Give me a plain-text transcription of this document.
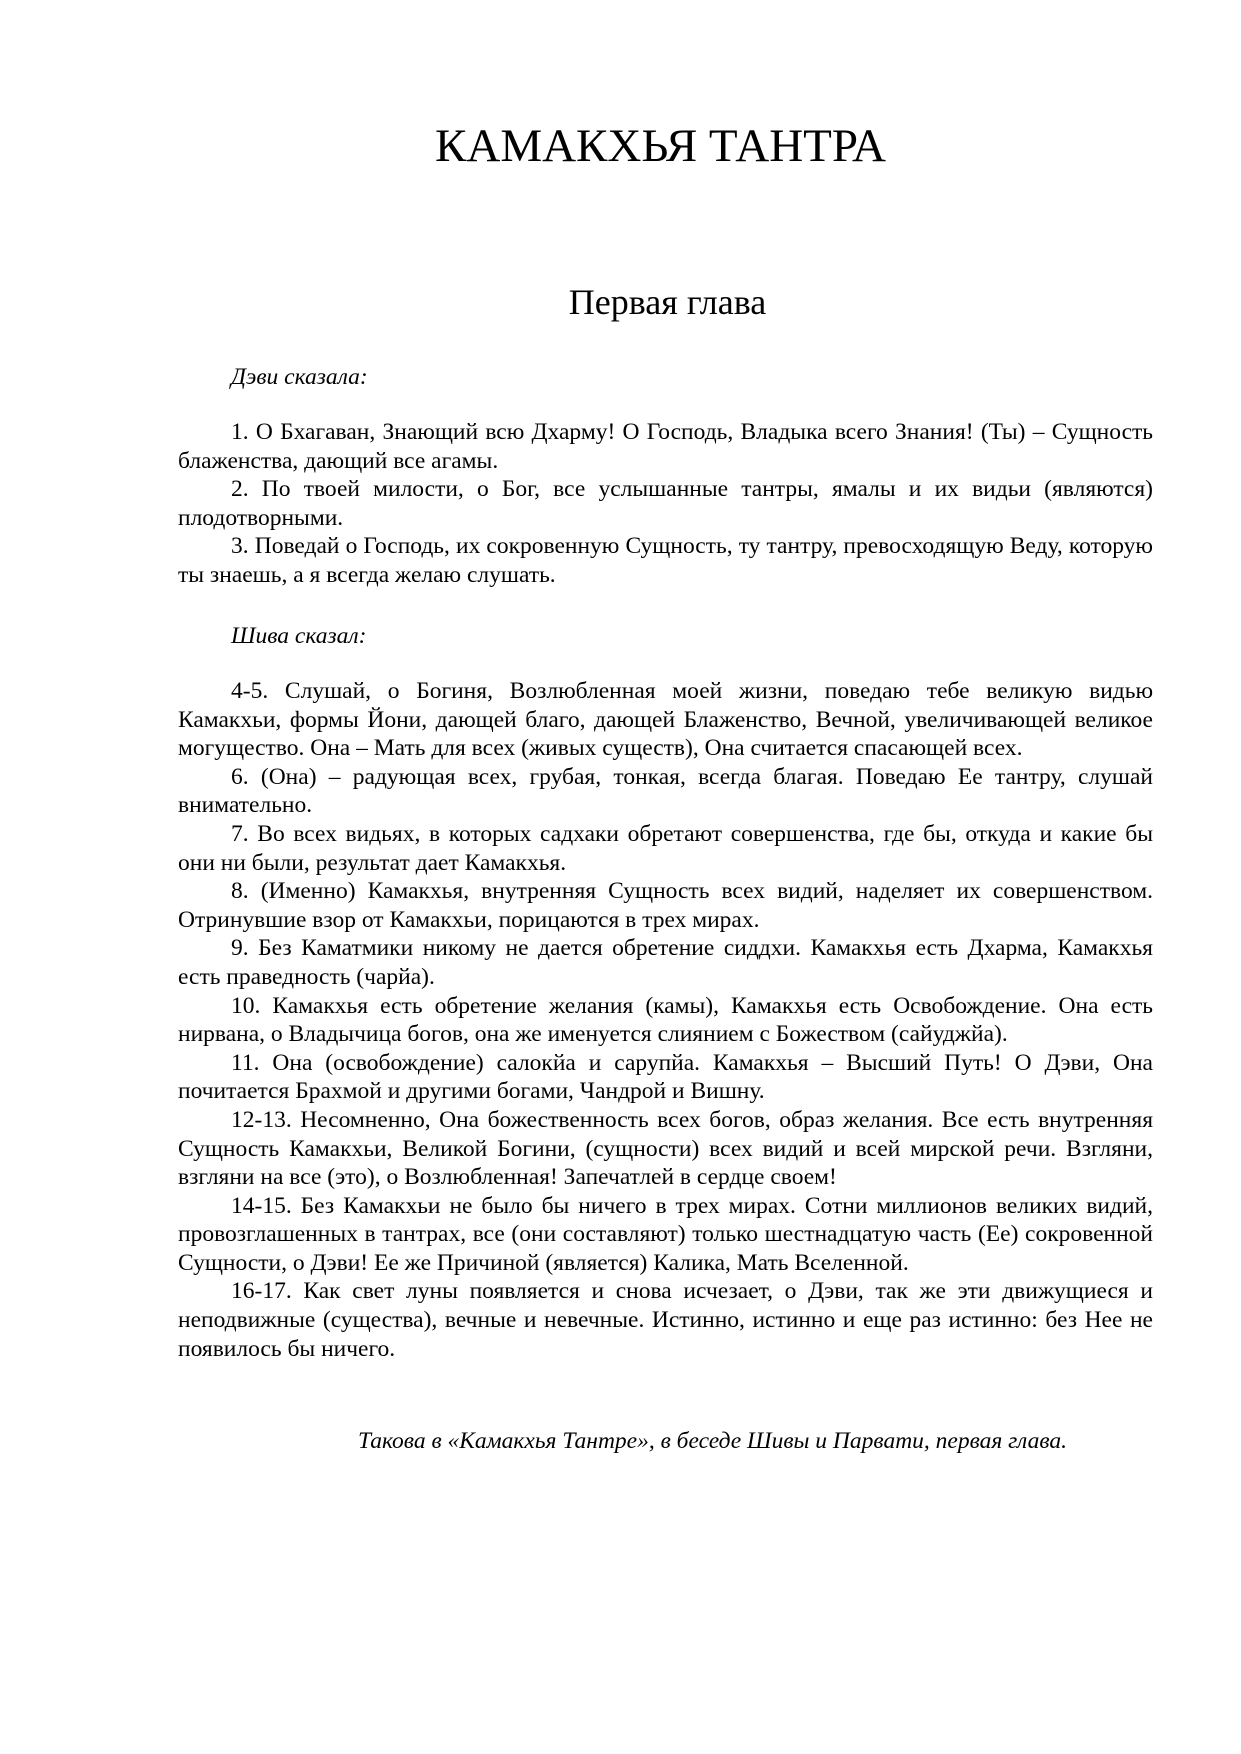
КАМАКХЬЯ ТАНТРА
Первая глава
Дэви сказала:

1. О Бхагаван, Знающий всю Дхарму! О Господь, Владыка всего Знания! (Ты) – Сущность блаженства, дающий все агамы.

2. По твоей милости, о Бог, все услышанные тантры, ямалы и их видьи (являются) плодотворными.

3. Поведай о Господь, их сокровенную Сущность, ту тантру, превосходящую Веду, которую ты знаешь, а я всегда желаю слушать.

Шива сказал:

4-5. Слушай, о Богиня, Возлюбленная моей жизни, поведаю тебе великую видью Камакхьи, формы Йони, дающей благо, дающей Блаженство, Вечной, увеличивающей великое могущество. Она – Мать для всех (живых существ), Она считается спасающей всех.

6. (Она) – радующая всех, грубая, тонкая, всегда благая. Поведаю Ее тантру, слушай внимательно.

7. Во всех видьях, в которых садхаки обретают совершенства, где бы, откуда и какие бы они ни были, результат дает Камакхья.

8. (Именно) Камакхья, внутренняя Сущность всех видий, наделяет их совершенством. Отринувшие взор от Камакхьи, порицаются в трех мирах.

9. Без Каматмики никому не дается обретение сиддхи. Камакхья есть Дхарма, Камакхья есть праведность (чарйа).

10. Камакхья есть обретение желания (камы), Камакхья есть Освобождение. Она есть нирвана, о Владычица богов, она же именуется слиянием с Божеством (сайуджйа).

11. Она (освобождение) салокйа и сарупйа. Камакхья – Высший Путь! О Дэви, Она почитается Брахмой и другими богами, Чандрой и Вишну.

12-13. Несомненно, Она божественность всех богов, образ желания. Все есть внутренняя Сущность Камакхьи, Великой Богини, (сущности) всех видий и всей мирской речи. Взгляни, взгляни на все (это), о Возлюбленная! Запечатлей в сердце своем!

14-15. Без Камакхьи не было бы ничего в трех мирах. Сотни миллионов великих видий, провозглашенных в тантрах, все (они составляют) только шестнадцатую часть (Ее) сокровенной Сущности, о Дэви! Ее же Причиной (является) Калика, Мать Вселенной.

16-17. Как свет луны появляется и снова исчезает, о Дэви, так же эти движущиеся и неподвижные (существа), вечные и невечные. Истинно, истинно и еще раз истинно: без Нее не появилось бы ничего.

Такова в «Камакхья Тантре», в беседе Шивы и Парвати, первая глава.
